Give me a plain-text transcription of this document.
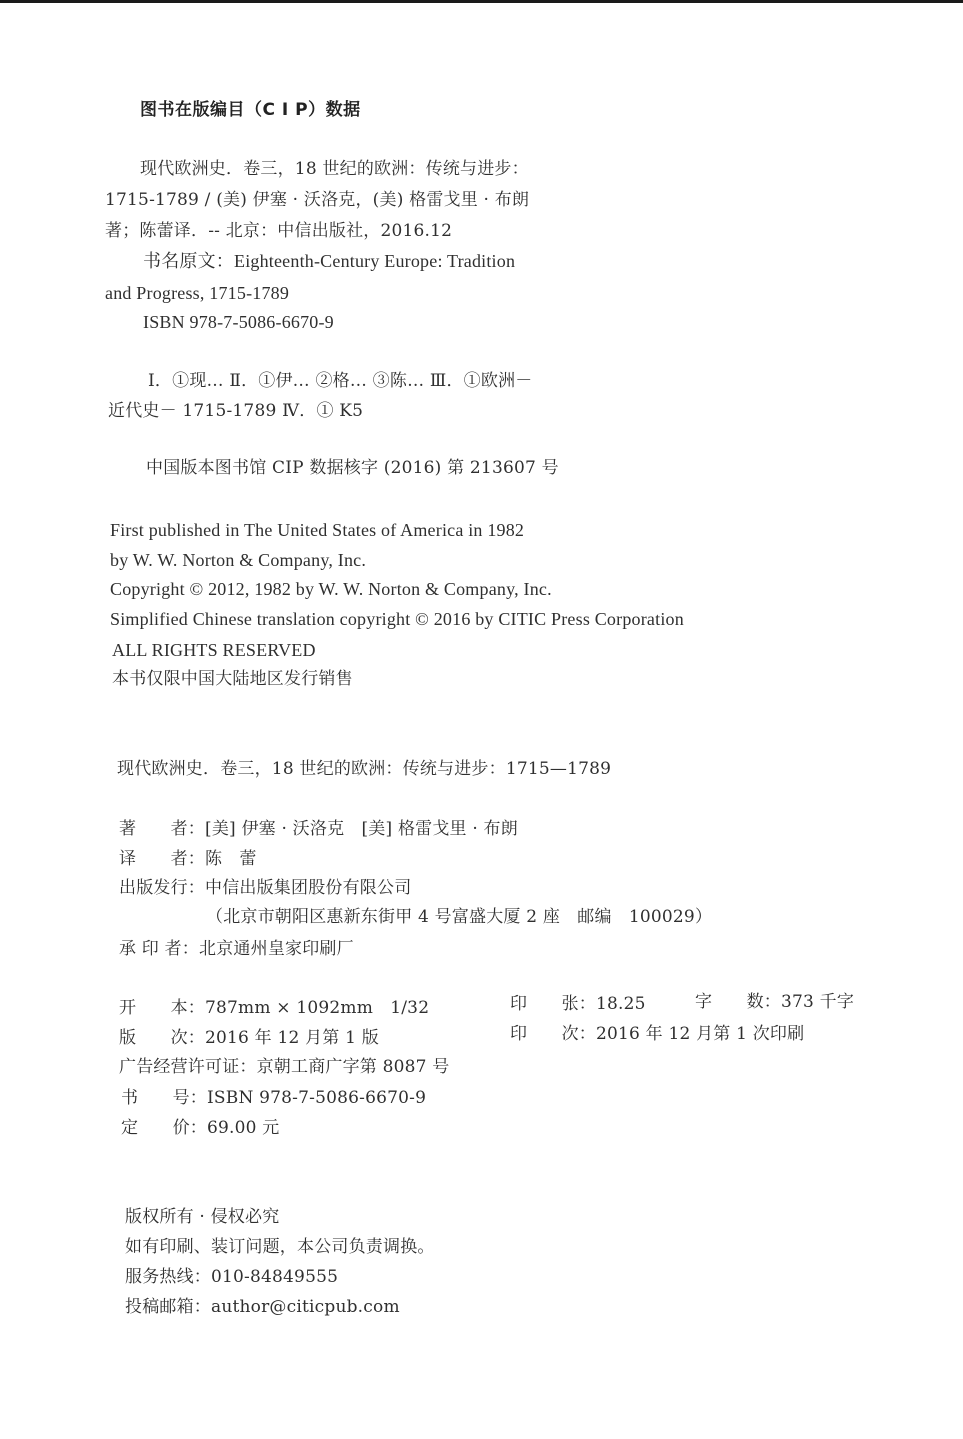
图书在版编目（C I P）数据
现代欧洲史．卷三，18 世纪的欧洲：传统与进步：
1715-1789 / (美) 伊塞 · 沃洛克，(美) 格雷戈里 · 布朗
著；陈蕾译．-- 北京：中信出版社，2016.12
书名原文：Eighteenth-Century Europe: Tradition
and Progress, 1715-1789
ISBN 978-7-5086-6670-9
Ⅰ．①现… Ⅱ．①伊… ②格… ③陈… Ⅲ．①欧洲－
近代史－ 1715-1789 Ⅳ．① K5
中国版本图书馆 CIP 数据核字 (2016) 第 213607 号
First published in The United States of America in 1982
by W. W. Norton & Company, Inc.
Copyright © 2012, 1982 by W. W. Norton & Company, Inc.
Simplified Chinese translation copyright © 2016 by CITIC Press Corporation
ALL RIGHTS RESERVED
本书仅限中国大陆地区发行销售
现代欧洲史．卷三，18 世纪的欧洲：传统与进步：1715—1789
著　　者：[美] 伊塞 · 沃洛克　[美] 格雷戈里 · 布朗
译　　者：陈　蕾
出版发行：中信出版集团股份有限公司
（北京市朝阳区惠新东街甲 4 号富盛大厦 2 座　邮编　100029）
承 印 者：北京通州皇家印刷厂
开　　本：787mm × 1092mm　1/32	印　　张：18.25	字　　数：373 千字
版　　次：2016 年 12 月第 1 版	印　　次：2016 年 12 月第 1 次印刷
广告经营许可证：京朝工商广字第 8087 号
书　　号：ISBN 978-7-5086-6670-9
定　　价：69.00 元
版权所有 · 侵权必究
如有印刷、装订问题，本公司负责调换。
服务热线：010-84849555
投稿邮箱：author@citicpub.com
